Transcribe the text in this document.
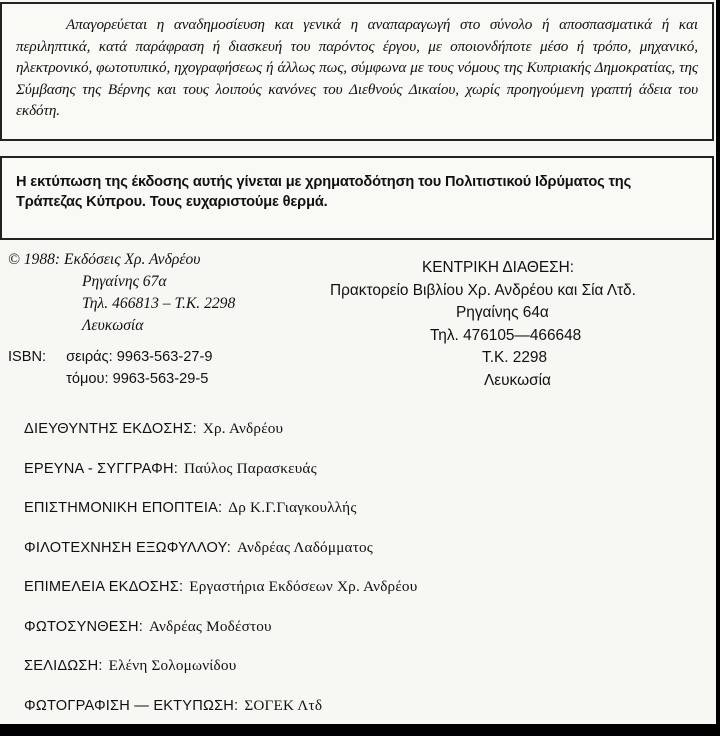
Απαγορεύεται η αναδημοσίευση και γενικά η αναπαραγωγή στο σύνολο ή αποσπασματικά ή και περιληπτικά, κατά παράφραση ή διασκευή του παρόντος έργου, με οποιονδήποτε μέσο ή τρόπο, μηχανικό, ηλεκτρονικό, φωτοτυπικό, ηχογραφήσεως ή άλλως πως, σύμφωνα με τους νόμους της Κυπριακής Δημοκρατίας, της Σύμβασης της Βέρνης και τους λοιπούς κανόνες του Διεθνούς Δικαίου, χωρίς προηγούμενη γραπτή άδεια του εκδότη.

Η εκτύπωση της έκδοσης αυτής γίνεται με χρηματοδότηση του Πολιτιστικού Ιδρύματος της Τράπεζας Κύπρου. Τους ευχαριστούμε θερμά.

© 1988: Εκδόσεις Χρ. Ανδρέου
Ρηγαίνης 67α
Τηλ. 466813 – Τ.Κ. 2298
Λευκωσία
ISBN: σειράς: 9963-563-27-9
τόμου: 9963-563-29-5
ΚΕΝΤΡΙΚΗ ΔΙΑΘΕΣΗ:
Πρακτορείο Βιβλίου Χρ. Ανδρέου και Σία Λτδ.
Ρηγαίνης 64α
Τηλ. 476105—466648
Τ.Κ. 2298
Λευκωσία
ΔΙΕΥΘΥΝΤΗΣ ΕΚΔΟΣΗΣ: Χρ. Ανδρέου
ΕΡΕΥΝΑ - ΣΥΓΓΡΑΦΗ: Παύλος Παρασκευάς
ΕΠΙΣΤΗΜΟΝΙΚΗ ΕΠΟΠΤΕΙΑ: Δρ Κ.Γ.Γιαγκουλλής
ΦΙΛΟΤΕΧΝΗΣΗ ΕΞΩΦΥΛΛΟΥ: Ανδρέας Λαδόμματος
ΕΠΙΜΕΛΕΙΑ ΕΚΔΟΣΗΣ: Εργαστήρια Εκδόσεων Χρ. Ανδρέου
ΦΩΤΟΣΥΝΘΕΣΗ: Ανδρέας Μοδέστου
ΣΕΛΙΔΩΣΗ: Ελένη Σολομωνίδου
ΦΩΤΟΓΡΑΦΙΣΗ — ΕΚΤΥΠΩΣΗ: ΣΟΓΕΚ Λτδ
